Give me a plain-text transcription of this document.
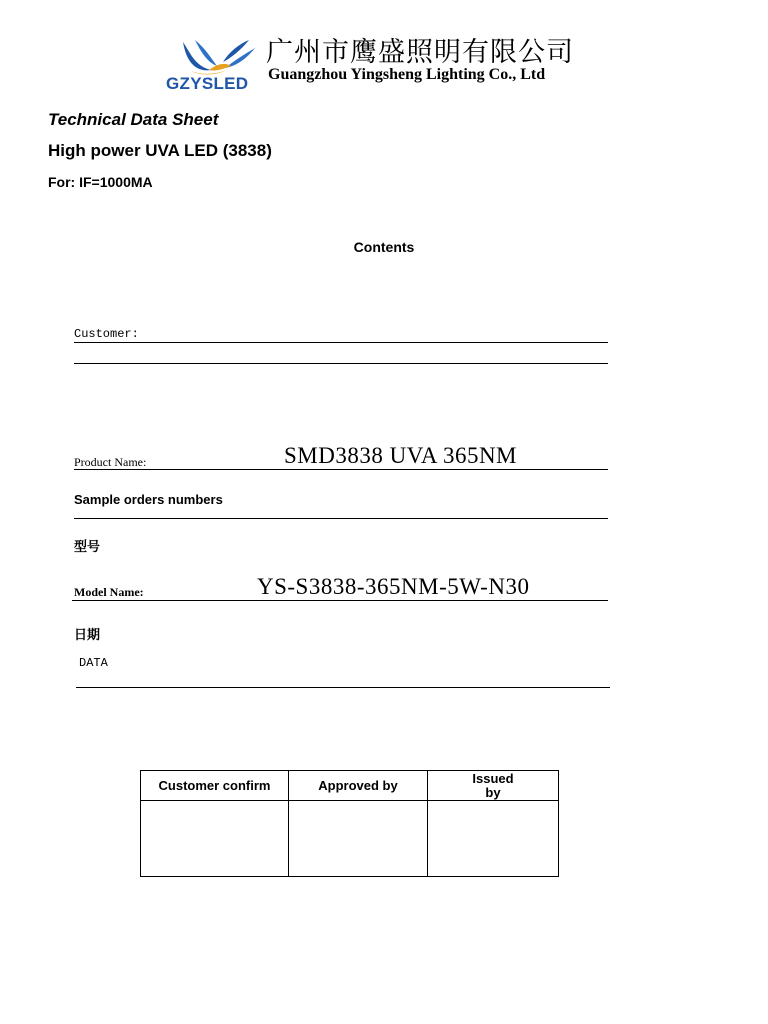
GZYSLED
广州市鹰盛照明有限公司
Guangzhou Yingsheng Lighting Co., Ltd
Technical Data Sheet
High power UVA LED (3838)
For: IF=1000MA
Contents
Customer:
Product Name:	SMD3838 UVA 365NM
Sample orders numbers
型号
Model Name:	YS-S3838-365NM-5W-N30
日期
DATA
Customer confirm	Approved by	Issued
by
